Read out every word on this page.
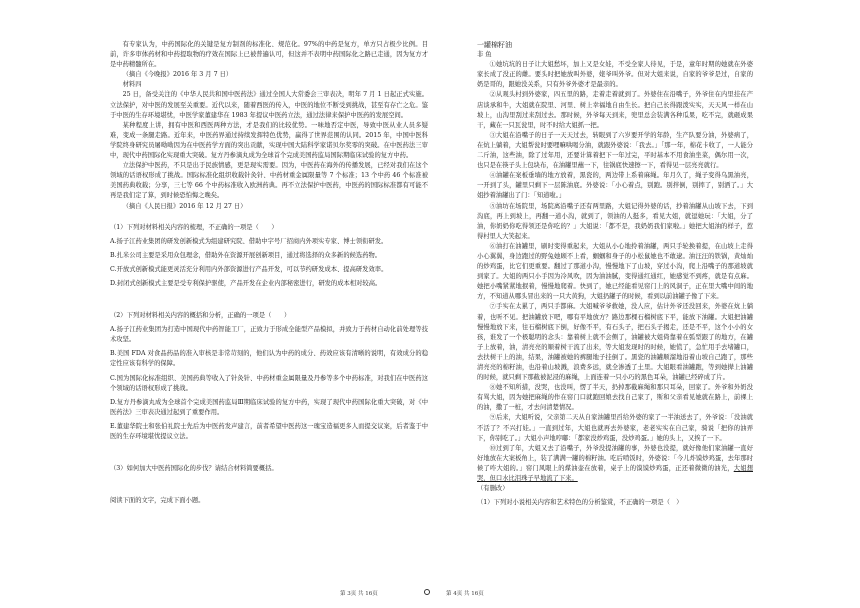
有专家认为，中药国际化的关键是复方制剂的标准化、规范化。97%的中药是复方，单方只占极少比例。目前，许多审体药材和中药提取物的疗效在国际上已被普遍认可，但这并不表明中药国际化之路已走通，因为复方才是中药精髓所在。

（摘自《今晚报》2016 年 3 月 7 日）

材料四

25 日，备受关注的《中华人民共和国中医药法》通过全国人大常委会三审表决，明年 7 月 1 日起正式实施。立法保护，对中医的发展至关重要。近代以来，随着西医的传入，中医的地位不断受到挑战，甚至有存亡之危。鉴于中医的生存环境堪忧，中医学家董建华在 1983 年提议中医药立法，通过法律来保护中医药的发展空间。

某种程度上讲，拥有中医和西医两种方法，才是我们的比较优势。一味地否定中医，导致中医从业人员多疑难，变成一条腿走路。近年来，中医药界通过持续发挥特色优势，赢得了世界范围的认同。2015 年，中国中医科学院终身研究员屠呦呦因为在中医药学方面的突出贡献，实现中国大陆科学家诺贝尔奖零的突破。在中医药法三审中，现代中药国际化实现重大突破。复方丹参滴丸成为全球首个完成美国药监局国际期临床试验的复方中药。

立法保护中医药，不只是出于民族情感，更是现实需要。因为，中医药在海外的传播发展，已经对我们在这个领域的话语权形成了挑战。国际标准化组织收载针灸针、中药材重金属限量等 7 个标准；13 个中药 46 个标准被美国药典收载；分享，三七等 66 个中药标准收入欧洲药典。再不立法保护中医药，中医药的国际标准都有可能不再是我们定了算，到时候恐怕悔之晚矣。

（摘自《人民日报》2016 年 12 月 27 日）

（1）下列对材料相关内容的梳理，不正确的一项是（　　）

A.扬子江药业集团的研发创新模式为组建研究院、借助中字号厂招商内外项实专家、博士领衔研发。

B.扎米公司主要是采用众包理念，借助外在资源开展创新项目，通过将选择的众多新的候选药物。

C.开放式创新模式能更灵活充分利用内外部资源进行产品开发，可以节约研发成本、提高研发效率。

D.封闭式创新模式主要是受专利保护驱使，产品开发在企业内部秘密进行，研发的成本相对较高。

（2）下列对材料相关内容的概括和分析，正确的一项是（　　）

A.扬子江药业集团为打造中国现代中药智能工厂，正致力于形成全能型产品模拟，并致力于药材自动化前处理等技术攻坚。

B.美国 FDA 对食品药品的准入审核是非常苛刻的，他们认为中药的成分、药效应该有清晰的说明，有效成分的稳定性应该有科学的保障。

C.国为国际化标准组织、美国药典等收入了针灸针、中药材重金属限量及丹参等多个中药标准，对我们在中医药这个领域的话语权形成了挑战。

D.复方丹参滴丸成为全球首个完成美国药监局Ⅲ期临床试验的复方中药，实现了现代中药国际化重大突破，对《中医药法》三审表决通过起到了重要作用。

E.董建华院士和张伯礼院士先后为中医药发声建言，前者希望中医药这一瑰宝造福更多人而提交议案，后者鉴于中医的生存环境堪忧提议立法。

（3）如何加大中医药国际化的步伐？请结合材料简要概括。

阅读下面的文字，完成下面小题。

一罐棉籽油

非 鱼

①她坑坑的日子让大姐愁坏，加上又是女娃，不受全家人待见，于是，童年时期的她就在外婆家长成了没正的雌。要头时把她放叫外婆，姥爷叫外爷。但对大姐来说，自家的爷爷是过，自家的奶是哥的，跟她没关系，只有外爷外婆才是最亲的。

②从观头村到外婆家，四五里的路，走着走着就到了。外婆住在沿嘴子，外爷住在内里挂在产店谈承和牛，大姐就在院里、河里、树上幸福地自由生长。把自己长得跟泼实实，天天风一样在山坡上，山沟里刮过来刮过去。那时候，外爷每天到来，兜里总会装满各种瓜果，吃不完，就砸成果干，藏在一只瓦瓮里，时不时给大姐抓一把。

③大姐在沿嘴子的日子一天天过去，转眼到了六岁要开学的年龄，生产队要分油，外婆病了，在炕上躺着，大姐帮瓮时要哩嘛哄喝分油，就跟外婆说：「我去。」「那一年，棉花卡收了，一人能分二斤油，这些油，除了过年用，还要计算着把下一年过完，平时基本不用食油坐菜，偶尔用一次，也只是在筷子头上包块布，在油罐里蘸一下，往锅底快速擦一下，看得见一层亮亮就行。

④油罐在案板垂墙的地方放着，黑瓷的，两边带上系着麻绳。年月久了，绳子变得乌黑油亮，一开到了头，罐里只剩下一层陈油底。外婆说：「小心着点，别跑。别拌倒，别摔了，别洒了。」大姐抄着油罐出了门：「知道啦。」

⑤油坊在场院里，场院离沿嘴子还有两里路，大姐记得外婆的话，抄着油罐从山坡下去，下到沟底，再上到坡上，再翻一道小沟，就到了，领油的人挺多，看见大姐，就逗她玩：「大姐，分了油，你奶奶你吃得领还是你吃的？」大姐说：「都不是，我奶奶我们家啦。」她把大姐油的样子，惹得村里人大笑起来。

⑥油打在油罐里，刷时变得重起来，大姐从小心地拎着油罐，两只手轮换着提，在山坡上走得小心翼翼，身边跑过的野兔她顾不上看，蝈蝈和身子的小松鼠她也不敢逮。油汪汪的铁锅，黄灿灿的炒鸡蛋，比它们更重要。翻过了那道小沟，慢慢地下了山坡，穿过小沟，爬上沿嘴子的那道坡就到家了。大姐的两只小手因为冷风吹，因为油油腻，变得通红通红，她感觉不到疼，就是有点麻。她把小嘴紧紧地抿着，慢慢地爬着。快到了，她已经能看见窑门上的风洞子，正在里大嘴中间的地方，不知道从哪头冒出来的一只大黄狗，大姐扔罐子的时候，看到以前油罐子像了下来。

⑦手实在太累了，两只手都麻。大姐喊爷爷救她，没人应，估计外爷还没回来，外婆在炕上躺着，也听不见。把油罐放下吧，哪有平地放方？路边那棵石榴树底下平，能放下油罐。大姐把油罐慢慢地放下来，往石榴树底下倒，好像不平，有石头子，把石头子揭走，还是不平，这个小小的女孩，谁发了一个极聪明的念头：靠着树上就不会侧了，油罐被大姐倚靠着在弧型跟了的地方，在罐子上放着，油，清亮亮的顺着树干流了出来，等大姐发现时的时候，她慌了，急忙用手去堵罐口，去扶树干上的油，结果，油罐被她的裤腿地子挂倒了。黑瓷的油罐顺溜地沿着山坡自己跑了，那些清亮亮的棉籽油，也沿着山坡溅，浪费多远，就全渗透了土里。大姐眼看油罐跑，等到她撵上油罐的时候，就只剩下那截被泥浸的麻绳，上面连着一只小巧的黑色耳朵，油罐已经碎成了片。

⑧她不知所措，没哭，也没叫，愣了半天，扔掉那截麻绳和那只耳朵，回家了。外爷和外奶没有骂大姐，因为她把麻绳的作在窑门口就跑回娘去找自己家了，斯和父亲看见她就在路上，前裸上的油，撒了一桩，才去问清楚情况。

⑨后来，大姐听说，父亲第二天从自家油罐里舀给外婆的家了一半油送去了，外爷说：「没油就不活了？不兴打娃。」一直到过年，大姐也就再去外婆家，老老实实在自己家，骑说「把你的油弄下，你别吃了。」大姐小声地哼嘟：「都家没炒鸡蛋，没炒鸡蛋。」她的头上，又挨了一下。

⑩过到了年，大姐又去了沿嘴子，外爷没提油罐的事，外婆也没提，就好像他们家油罐一直好好地放在大案板角上，装了满满一罐的棉籽油。吃后啃饭时，外婆说：「今儿炸馍炒鸡蛋，去年那时候了咋大姐的。」窑门风眼上的煤油壶在放着，桌子上的馍馍炒鸡蛋，正还着微微的油光，大姐想哭，但口水比泪珠子早地流了下来。

（有删改）

（1）下列对小说相关内容和艺术特色的分析鉴赏，不正确的一项是（　）

第 3页 共 16页	第 4页 共 16页
